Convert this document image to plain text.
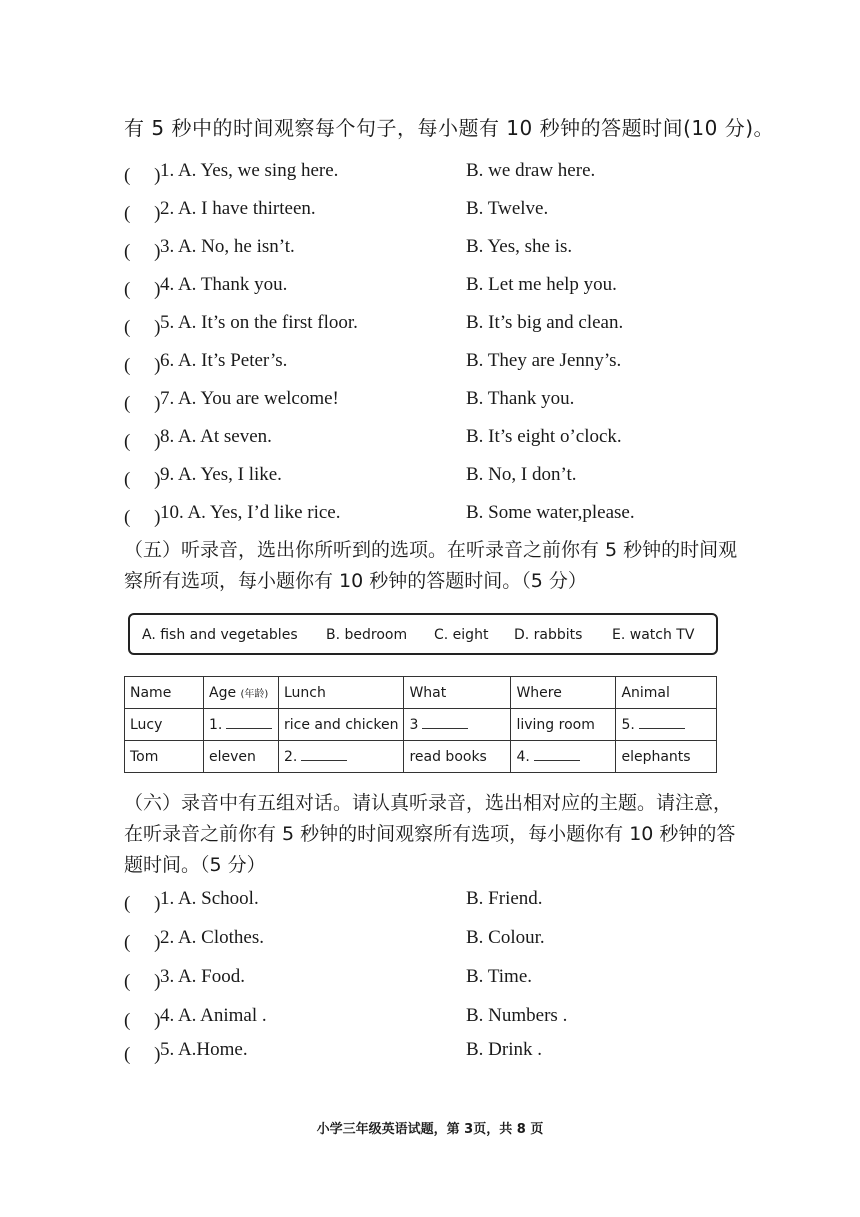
有 5 秒中的时间观察每个句子，每小题有 10 秒钟的答题时间(10 分)。
(　 ) 1. A. Yes, we sing here.	B. we draw here.
(　 ) 2. A. I have thirteen.	B. Twelve.
(　 ) 3. A. No, he isn’t.	B. Yes, she is.
(　 ) 4. A. Thank you.	B. Let me help you.
(　 ) 5. A. It’s on the first floor.	B. It’s big and clean.
(　 ) 6. A. It’s Peter’s.	B. They are Jenny’s.
(　 ) 7. A. You are welcome!	B. Thank you.
(　 ) 8. A. At seven.	B. It’s eight o’clock.
(　 ) 9. A. Yes, I like.	B. No, I don’t.
(　 ) 10. A. Yes, I’d like rice.	B. Some water,please.
（五）听录音，选出你所听到的选项。在听录音之前你有 5 秒钟的时间观察所有选项，每小题你有 10 秒钟的答题时间。（5 分）
A. fish and vegetables B. bedroom C. eight D. rabbits E. watch TV
Name	Age (年龄)	Lunch	What	Where	Animal
Lucy	1.	rice and chicken	3	living room	5.
Tom	eleven	2.	read books	4.	elephants
（六）录音中有五组对话。请认真听录音，选出相对应的主题。请注意，在听录音之前你有 5 秒钟的时间观察所有选项，每小题你有 10 秒钟的答题时间。（5 分）
(　 ) 1. A. School.	B. Friend.
(　 ) 2. A. Clothes.	B. Colour.
(　 ) 3. A. Food.	B. Time.
(　 ) 4. A. Animal .	B. Numbers .
(　 ) 5. A.Home.	B. Drink .
小学三年级英语试题，第 3页，共 8 页
